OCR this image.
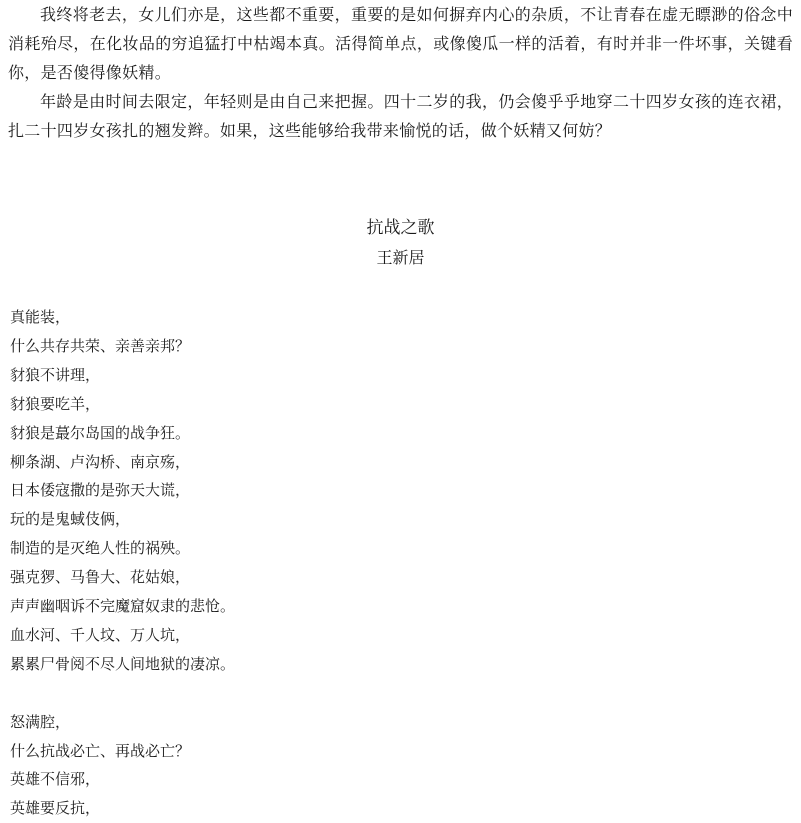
我终将老去，女儿们亦是，这些都不重要，重要的是如何摒弃内心的杂质，不让青春在虚无瞟渺的俗念中消耗殆尽，在化妆品的穷追猛打中枯竭本真。活得简单点，或像傻瓜一样的活着，有时并非一件坏事，关键看你，是否傻得像妖精。

年龄是由时间去限定，年轻则是由自己来把握。四十二岁的我，仍会傻乎乎地穿二十四岁女孩的连衣裙，扎二十四岁女孩扎的翘发辫。如果，这些能够给我带来愉悦的话，做个妖精又何妨？

抗战之歌
王新居
真能装，
什么共存共荣、亲善亲邦？
豺狼不讲理，
豺狼要吃羊，
豺狼是蕞尔岛国的战争狂。
柳条湖、卢沟桥、南京殇，
日本倭寇撒的是弥天大谎，
玩的是鬼蜮伎俩，
制造的是灭绝人性的祸殃。
强克猡、马鲁大、花姑娘，
声声幽咽诉不完魔窟奴隶的悲怆。
血水河、千人坟、万人坑，
累累尸骨阅不尽人间地狱的凄凉。
怒满腔，
什么抗战必亡、再战必亡？
英雄不信邪，
英雄要反抗，
